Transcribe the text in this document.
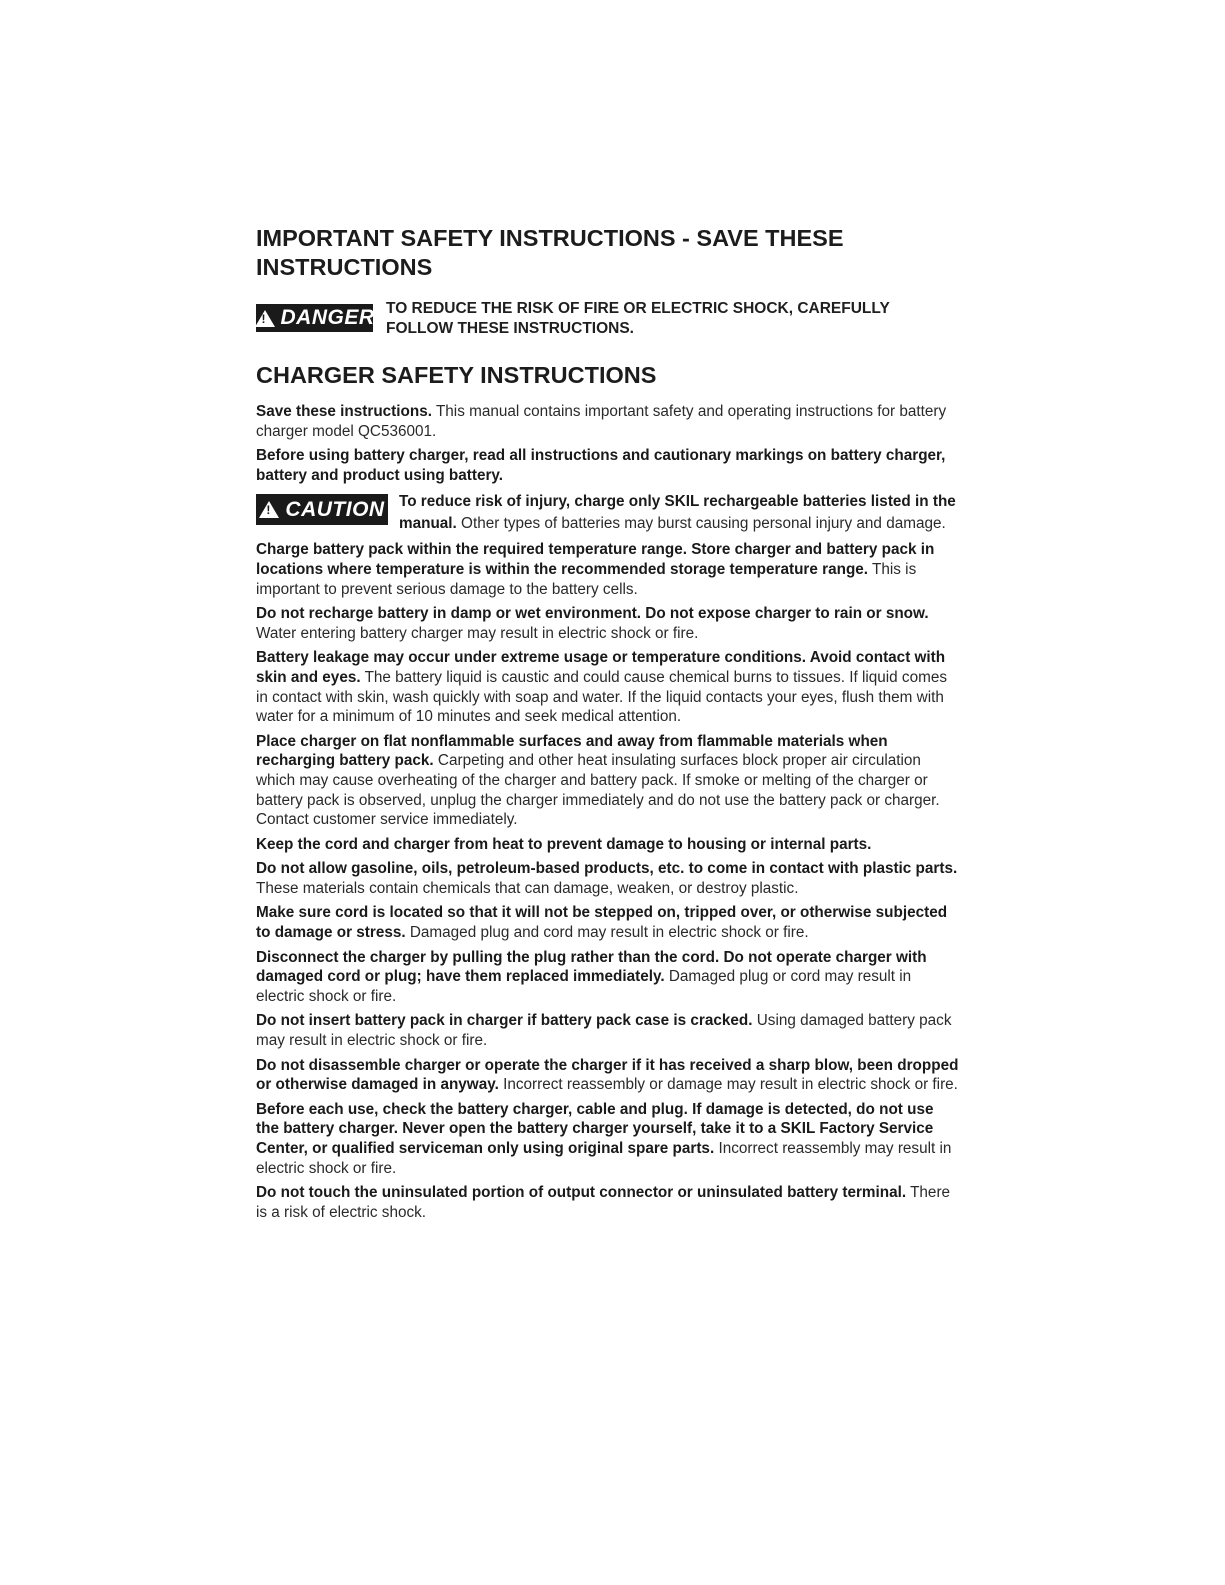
IMPORTANT SAFETY INSTRUCTIONS - SAVE THESE INSTRUCTIONS
!
DANGER TO REDUCE THE RISK OF FIRE OR ELECTRIC SHOCK, CAREFULLY FOLLOW THESE INSTRUCTIONS.
CHARGER SAFETY INSTRUCTIONS

Save these instructions. This manual contains important safety and operating instructions for battery charger model QC536001.

Before using battery charger, read all instructions and cautionary markings on battery charger, battery and product using battery.

!
CAUTION To reduce risk of injury, charge only SKIL rechargeable batteries listed in the manual. Other types of batteries may burst causing personal injury and damage.

Charge battery pack within the required temperature range. Store charger and battery pack in locations where temperature is within the recommended storage temperature range. This is important to prevent serious damage to the battery cells.

Do not recharge battery in damp or wet environment. Do not expose charger to rain or snow. Water entering battery charger may result in electric shock or fire.

Battery leakage may occur under extreme usage or temperature conditions. Avoid contact with skin and eyes. The battery liquid is caustic and could cause chemical burns to tissues. If liquid comes in contact with skin, wash quickly with soap and water. If the liquid contacts your eyes, flush them with water for a minimum of 10 minutes and seek medical attention.

Place charger on flat nonflammable surfaces and away from flammable materials when recharging battery pack. Carpeting and other heat insulating surfaces block proper air circulation which may cause overheating of the charger and battery pack. If smoke or melting of the charger or battery pack is observed, unplug the charger immediately and do not use the battery pack or charger. Contact customer service immediately.

Keep the cord and charger from heat to prevent damage to housing or internal parts.

Do not allow gasoline, oils, petroleum-based products, etc. to come in contact with plastic parts. These materials contain chemicals that can damage, weaken, or destroy plastic.

Make sure cord is located so that it will not be stepped on, tripped over, or otherwise subjected to damage or stress. Damaged plug and cord may result in electric shock or fire.

Disconnect the charger by pulling the plug rather than the cord. Do not operate charger with damaged cord or plug; have them replaced immediately. Damaged plug or cord may result in electric shock or fire.

Do not insert battery pack in charger if battery pack case is cracked. Using damaged battery pack may result in electric shock or fire.

Do not disassemble charger or operate the charger if it has received a sharp blow, been dropped or otherwise damaged in anyway. Incorrect reassembly or damage may result in electric shock or fire.

Before each use, check the battery charger, cable and plug. If damage is detected, do not use the battery charger. Never open the battery charger yourself, take it to a SKIL Factory Service Center, or qualified serviceman only using original spare parts. Incorrect reassembly may result in electric shock or fire.

Do not touch the uninsulated portion of output connector or uninsulated battery terminal. There is a risk of electric shock.
